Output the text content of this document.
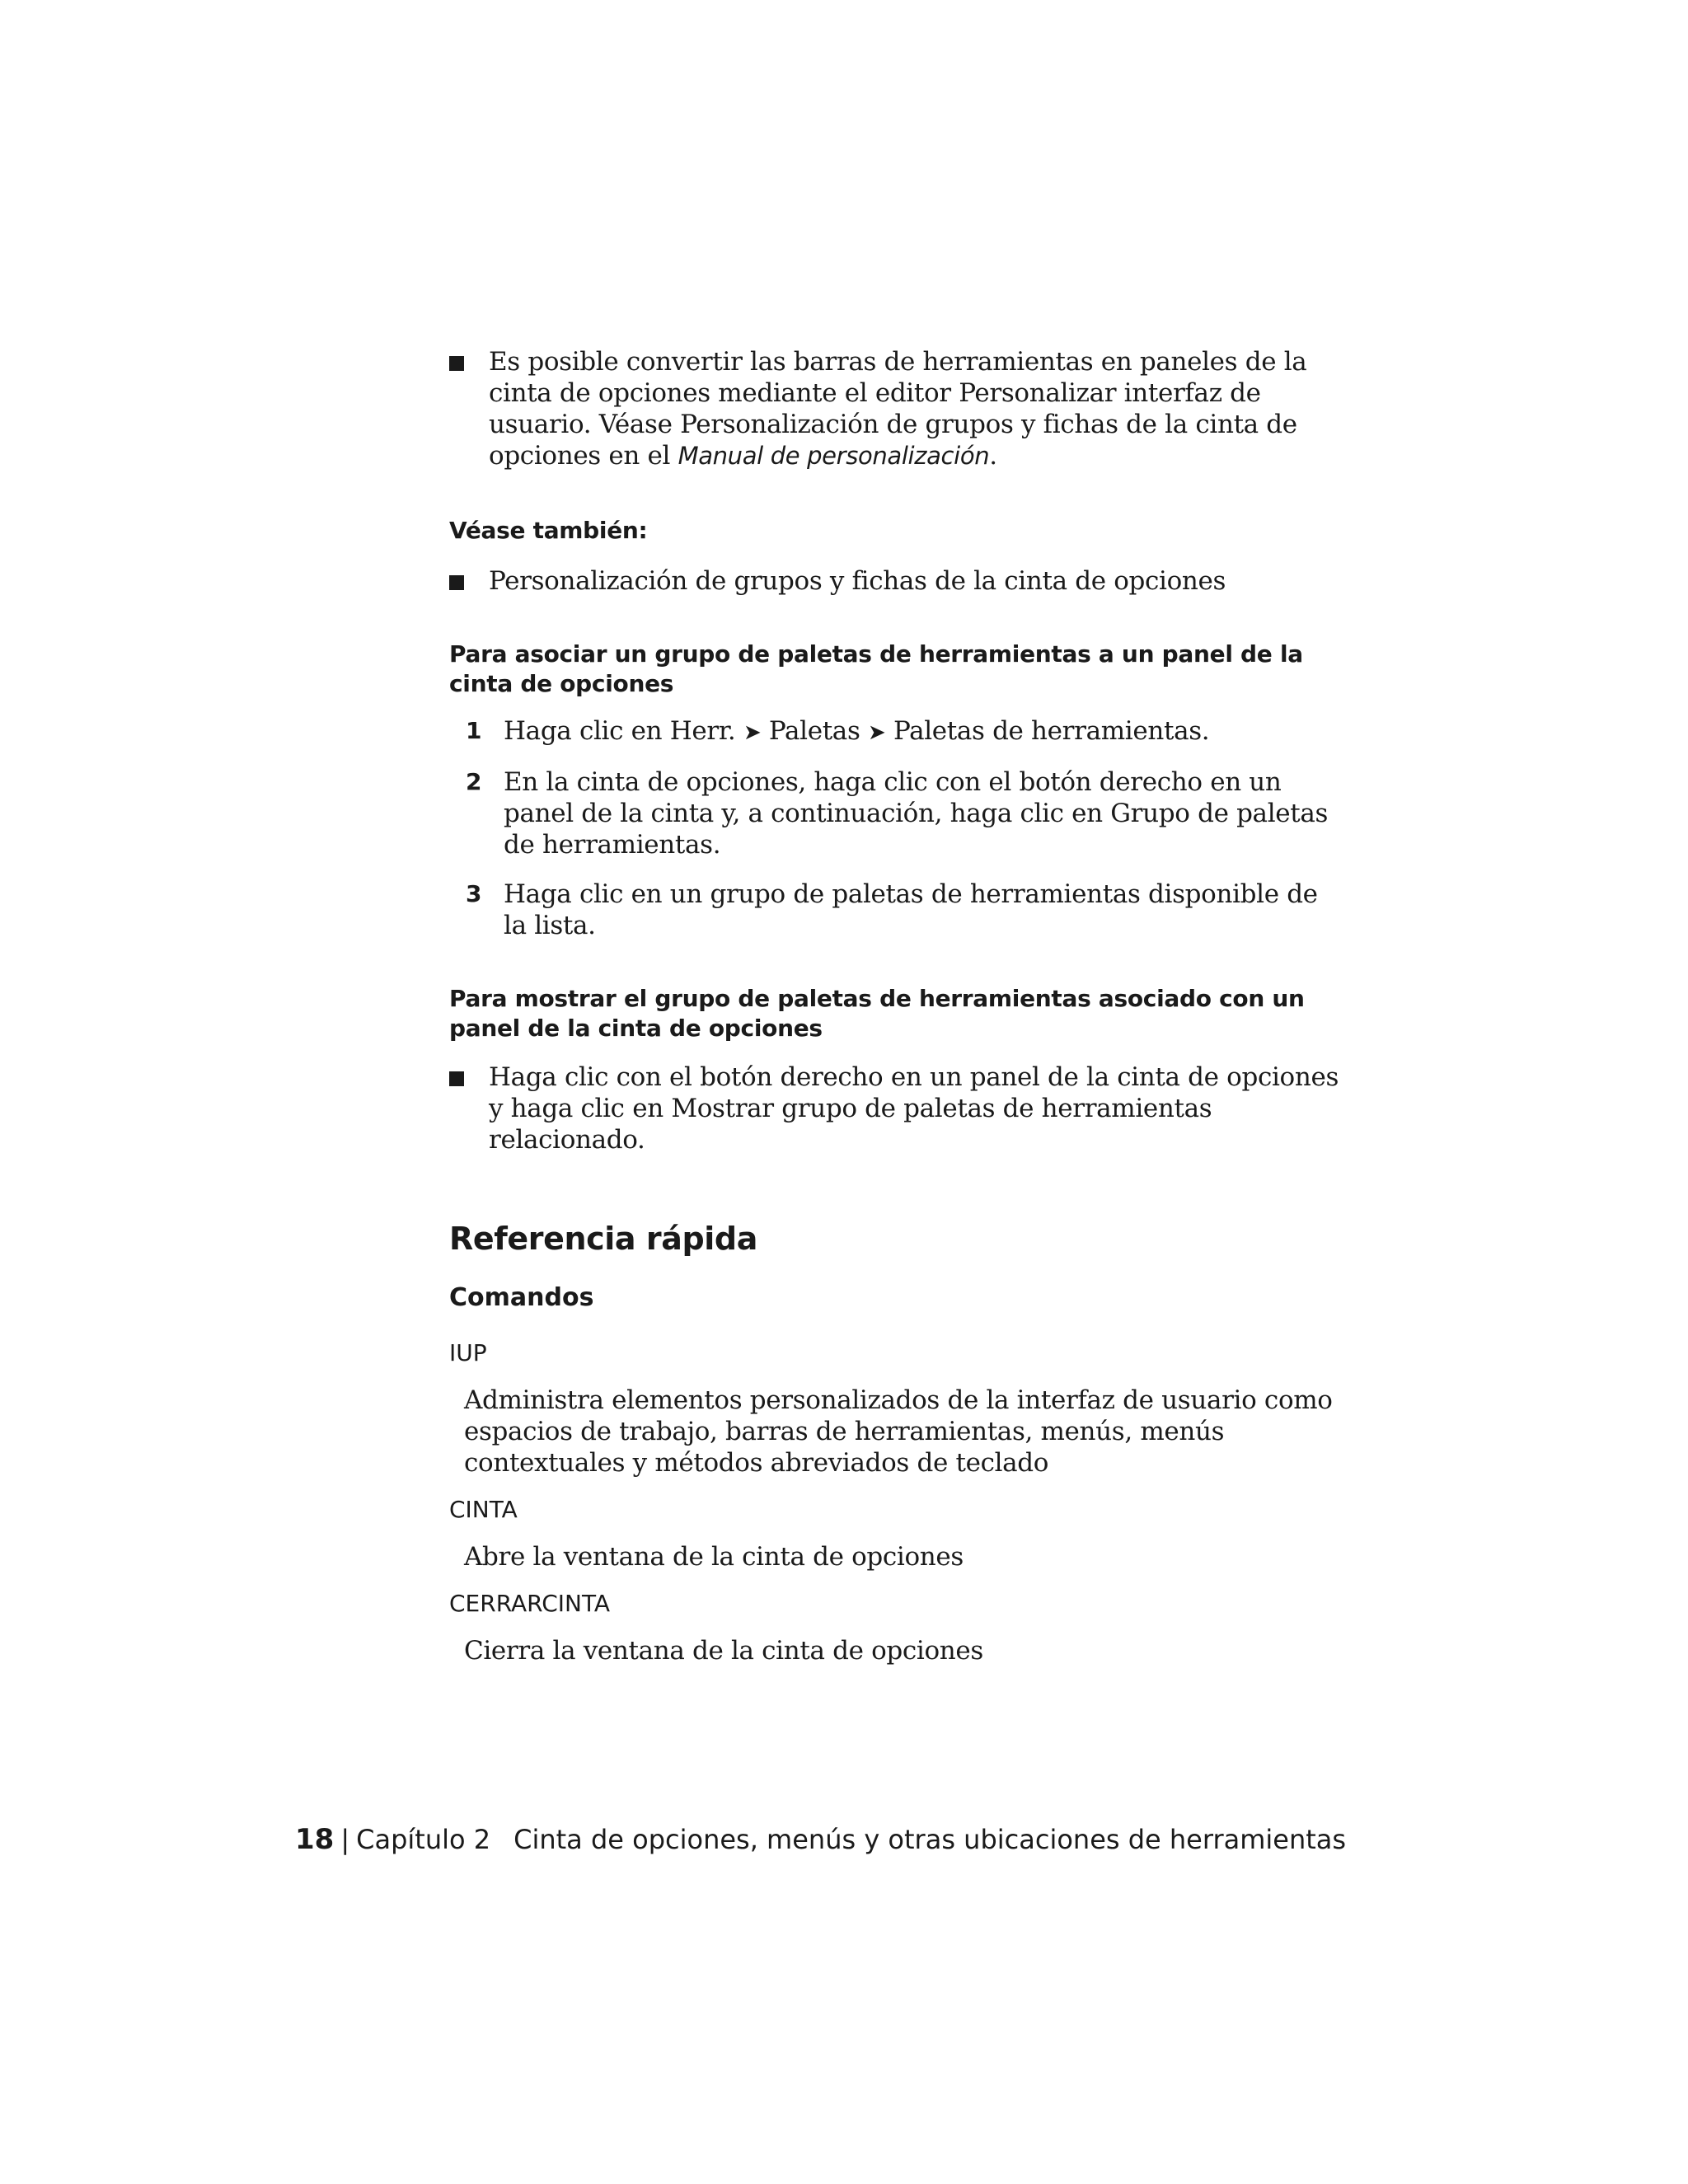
Es posible convertir las barras de herramientas en paneles de la cinta de opciones mediante el editor Personalizar interfaz de usuario. Véase Personalización de grupos y fichas de la cinta de opciones en el Manual de personalización.
Véase también:
Personalización de grupos y fichas de la cinta de opciones
Para asociar un grupo de paletas de herramientas a un panel de la cinta de opciones
1 Haga clic en Herr. ➤ Paletas ➤ Paletas de herramientas.
2 En la cinta de opciones, haga clic con el botón derecho en un panel de la cinta y, a continuación, haga clic en Grupo de paletas de herramientas.
3 Haga clic en un grupo de paletas de herramientas disponible de la lista.
Para mostrar el grupo de paletas de herramientas asociado con un panel de la cinta de opciones
Haga clic con el botón derecho en un panel de la cinta de opciones y haga clic en Mostrar grupo de paletas de herramientas relacionado.
Referencia rápida
Comandos
IUP
Administra elementos personalizados de la interfaz de usuario como espacios de trabajo, barras de herramientas, menús, menús contextuales y métodos abreviados de teclado
CINTA
Abre la ventana de la cinta de opciones
CERRARCINTA
Cierra la ventana de la cinta de opciones
18 | Capítulo 2 Cinta de opciones, menús y otras ubicaciones de herramientas
